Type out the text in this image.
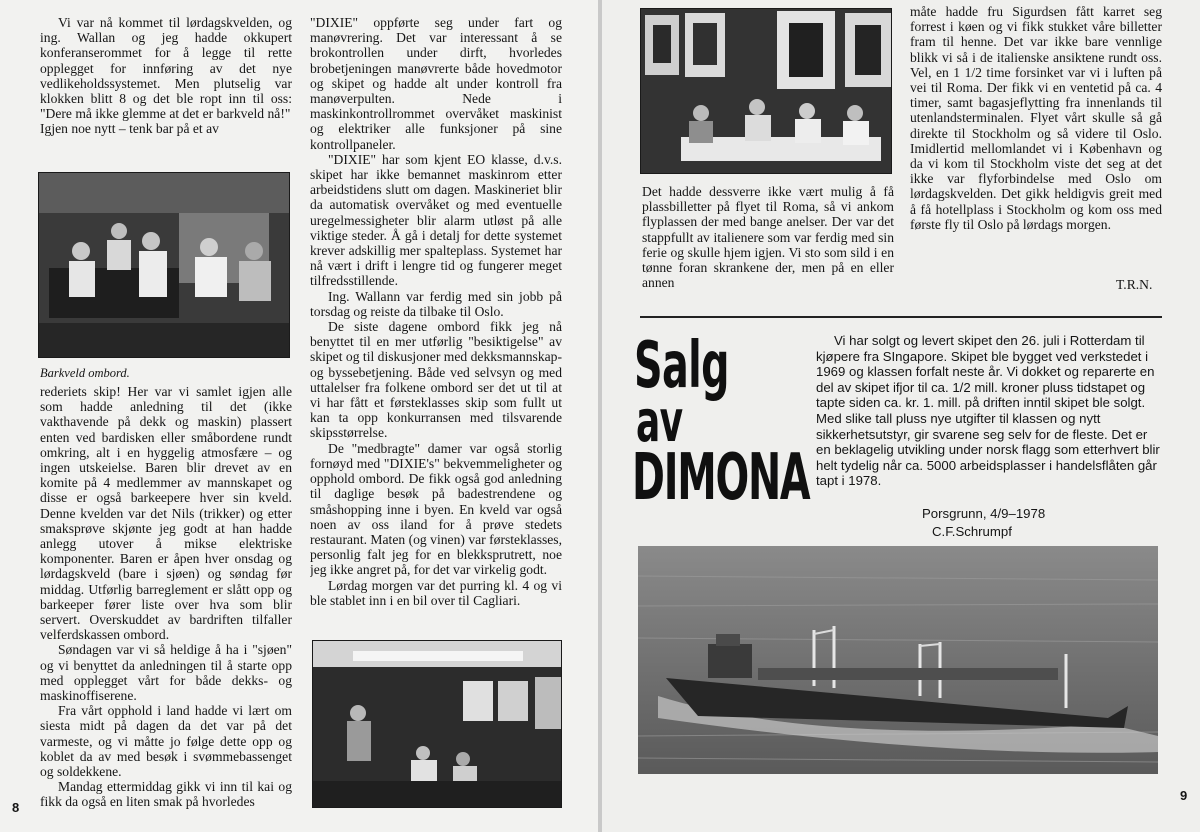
Vi var nå kommet til lørdagskvelden, og ing. Wallan og jeg hadde okkupert konferanserommet for å legge til rette opplegget for innføring av det nye vedlikeholdssystemet. Men plutselig var klokken blitt 8 og det ble ropt inn til oss: "Dere må ikke glemme at det er barkveld nå!"

Igjen noe nytt – tenk bar på et av

Barkveld ombord.

rederiets skip! Her var vi samlet igjen alle som hadde anledning til det (ikke vakthavende på dekk og maskin) plassert enten ved bardisken eller småbordene rundt omkring, alt i en hyggelig atmosfære – og ingen utskeielse. Baren blir drevet av en komite på 4 medlemmer av mannskapet og disse er også barkeepere hver sin kveld. Denne kvelden var det Nils (trikker) og etter smaksprøve skjønte jeg godt at han hadde anlegg utover å mikse elektriske komponenter. Baren er åpen hver onsdag og lørdagskveld (bare i sjøen) og søndag før middag. Utførlig barreglement er slått opp og barkeeper fører liste over hva som blir servert. Overskuddet av bardriften tilfaller velferdskassen ombord.

Søndagen var vi så heldige å ha i "sjøen" og vi benyttet da anledningen til å starte opp med opplegget vårt for både dekks- og maskinoffiserene.

Fra vårt opphold i land hadde vi lært om siesta midt på dagen da det var på det varmeste, og vi måtte jo følge dette opp og koblet da av med besøk i svømmebassenget og soldekkene.

Mandag ettermiddag gikk vi inn til kai og fikk da også en liten smak på hvorledes

"DIXIE" oppførte seg under fart og manøvrering. Det var interessant å se brokontrollen under dirft, hvorledes brobetjeningen manøvrerte både hovedmotor og skipet og hadde alt under kontroll fra manøverpulten. Nede i maskinkontrollrommet overvåket maskinist og elektriker alle funksjoner på sine kontrollpaneler.

"DIXIE" har som kjent EO klasse, d.v.s. skipet har ikke bemannet maskinrom etter arbeidstidens slutt om dagen. Maskineriet blir da automatisk overvåket og med eventuelle uregelmessigheter blir alarm utløst på alle viktige steder. Å gå i detalj for dette systemet krever adskillig mer spalteplass. Systemet har nå vært i drift i lengre tid og fungerer meget tilfredsstillende.

Ing. Wallann var ferdig med sin jobb på torsdag og reiste da tilbake til Oslo.

De siste dagene ombord fikk jeg nå benyttet til en mer utførlig "besiktigelse" av skipet og til diskusjoner med dekksmannskap- og byssebetjening. Både ved selvsyn og med uttalelser fra folkene ombord ser det ut til at vi har fått et førsteklasses skip som fullt ut kan ta opp konkurransen med tilsvarende skipsstørrelse.

De "medbragte" damer var også storlig fornøyd med "DIXIE's" bekvemmeligheter og opphold ombord. De fikk også god anledning til daglige besøk på badestrendene og småshopping inne i byen. En kveld var også noen av oss iland for å prøve stedets restaurant. Maten (og vinen) var førsteklasses, personlig falt jeg for en blekksprutrett, noe jeg ikke angret på, for det var virkelig godt.

Lørdag morgen var det purring kl. 4 og vi ble stablet inn i en bil over til Cagliari.

8

Det hadde dessverre ikke vært mulig å få plassbilletter på flyet til Roma, så vi ankom flyplassen der med bange anelser. Der var det stappfullt av italienere som var ferdig med sin ferie og skulle hjem igjen. Vi sto som sild i en tønne foran skrankene der, men på en eller annen

måte hadde fru Sigurdsen fått karret seg forrest i køen og vi fikk stukket våre billetter fram til henne. Det var ikke bare vennlige blikk vi så i de italienske ansiktene rundt oss. Vel, en 1 1/2 time forsinket var vi i luften på vei til Roma. Der fikk vi en ventetid på ca. 4 timer, samt bagasjeflytting fra innenlands til utenlandsterminalen. Flyet vårt skulle så gå direkte til Stockholm og så videre til Oslo. Imidlertid mellomlandet vi i København og da vi kom til Stockholm viste det seg at det ikke var flyforbindelse med Oslo om lørdagskvelden. Det gikk heldigvis greit med å få hotellplass i Stockholm og kom oss med første fly til Oslo på lørdags morgen.

T.R.N.
Salg
av
DIMONA

Vi har solgt og levert skipet den 26. juli i Rotterdam til kjøpere fra SIngapore. Skipet ble bygget ved verkstedet i 1969 og klassen forfalt neste år. Vi dokket og reparerte en del av skipet ifjor til ca. 1/2 mill. kroner pluss tidstapet og tapte siden ca. kr. 1. mill. på driften inntil skipet ble solgt. Med slike tall pluss nye utgifter til klassen og nytt sikkerhetsutstyr, gir svarene seg selv for de fleste. Det er en beklagelig utvikling under norsk flagg som etterhvert blir helt tydelig når ca. 5000 arbeidsplasser i handelsflåten går tapt i 1978.

Porsgrunn, 4/9–1978
C.F.Schrumpf
9
